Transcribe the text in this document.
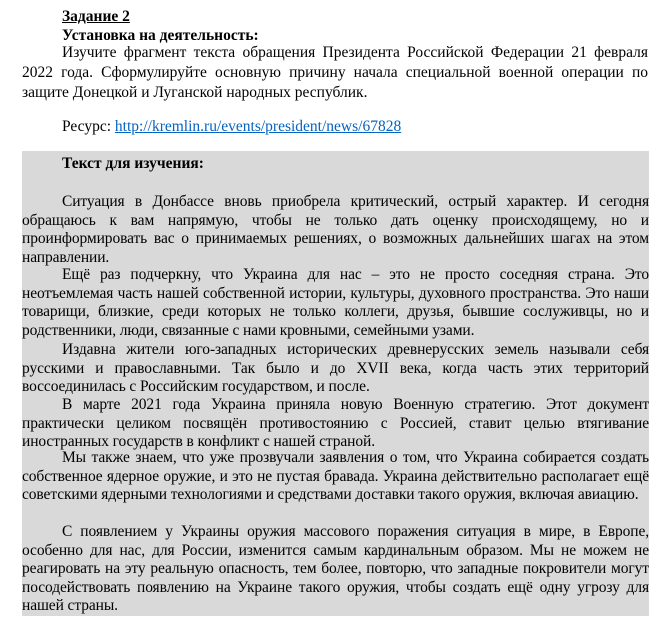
Задание 2
Установка на деятельность:
Изучите фрагмент текста обращения Президента Российской Федерации 21 февраля 2022 года. Сформулируйте основную причину начала специальной военной операции по защите Донецкой и Луганской народных республик.
Ресурс: http://kremlin.ru/events/president/news/67828
Текст для изучения:
Ситуация в Донбассе вновь приобрела критический, острый характер. И сегодня обращаюсь к вам напрямую, чтобы не только дать оценку происходящему, но и проинформировать вас о принимаемых решениях, о возможных дальнейших шагах на этом направлении.
Ещё раз подчеркну, что Украина для нас – это не просто соседняя страна. Это неотъемлемая часть нашей собственной истории, культуры, духовного пространства. Это наши товарищи, близкие, среди которых не только коллеги, друзья, бывшие сослуживцы, но и родственники, люди, связанные с нами кровными, семейными узами.
Издавна жители юго-западных исторических древнерусских земель называли себя русскими и православными. Так было и до XVII века, когда часть этих территорий воссоединилась с Российским государством, и после.
В марте 2021 года Украина приняла новую Военную стратегию. Этот документ практически целиком посвящён противостоянию с Россией, ставит целью втягивание иностранных государств в конфликт с нашей страной.
Мы также знаем, что уже прозвучали заявления о том, что Украина собирается создать собственное ядерное оружие, и это не пустая бравада. Украина действительно располагает ещё советскими ядерными технологиями и средствами доставки такого оружия, включая авиацию.
С появлением у Украины оружия массового поражения ситуация в мире, в Европе, особенно для нас, для России, изменится самым кардинальным образом. Мы не можем не реагировать на эту реальную опасность, тем более, повторю, что западные покровители могут посодействовать появлению на Украине такого оружия, чтобы создать ещё одну угрозу для нашей страны.
